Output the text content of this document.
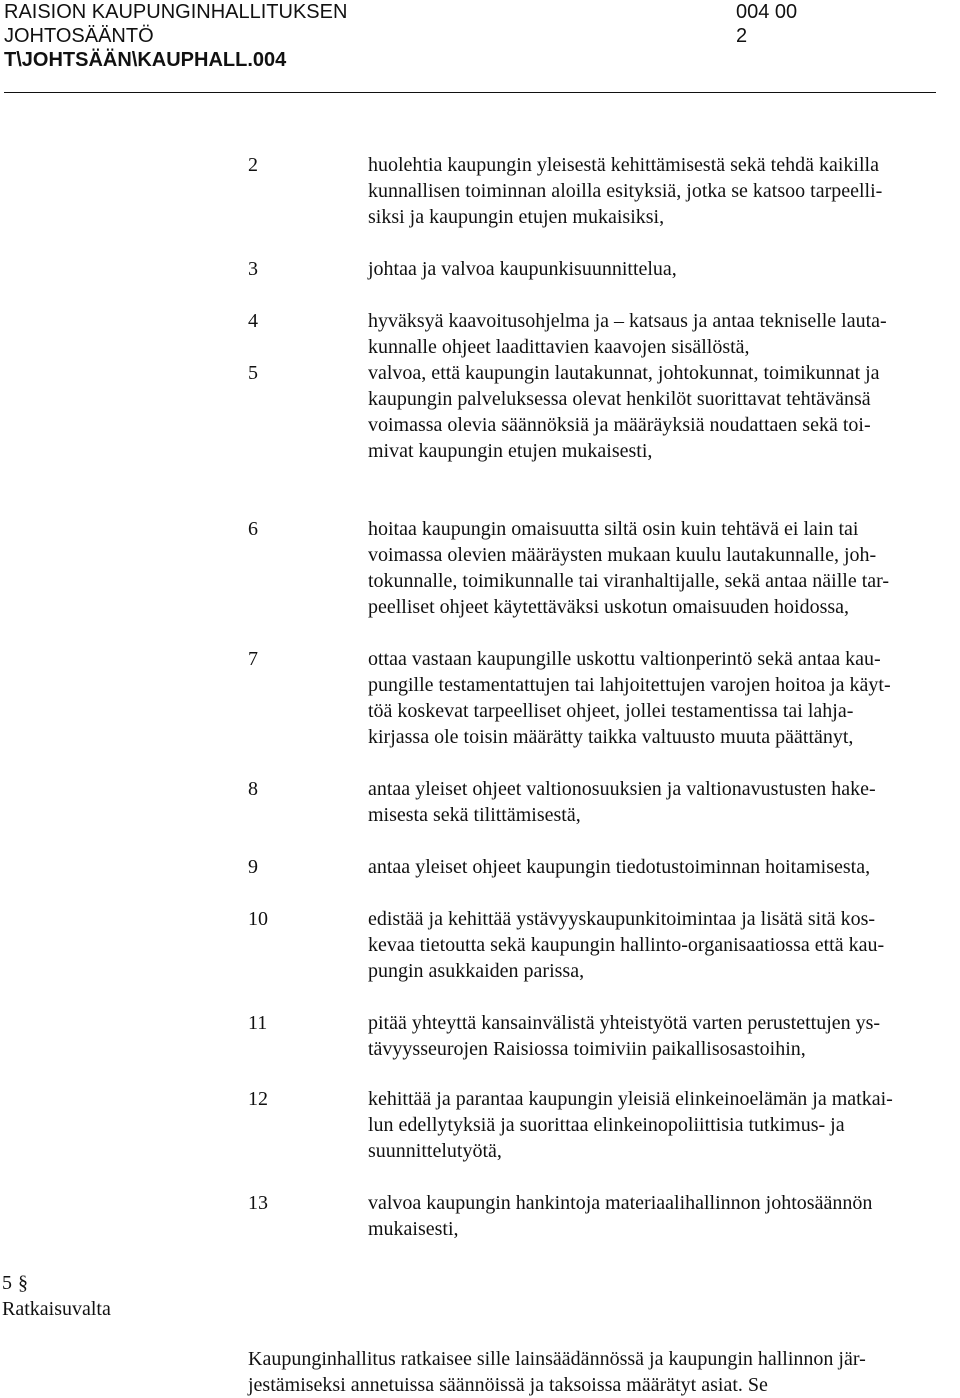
RAISION KAUPUNGINHALLITUKSEN	004 00
JOHTOSÄÄNTÖ	2
T\JOHTSÄÄN\KAUPHALL.004
2	huolehtia kaupungin yleisestä kehittämisestä sekä tehdä kaikilla
kunnallisen toiminnan aloilla esityksiä, jotka se katsoo tarpeelli-
siksi ja kaupungin etujen mukaisiksi,
3	johtaa ja valvoa kaupunkisuunnittelua,
4	hyväksyä kaavoitusohjelma ja – katsaus ja antaa tekniselle lauta-
kunnalle ohjeet laadittavien kaavojen sisällöstä,
5	valvoa, että kaupungin lautakunnat, johtokunnat, toimikunnat ja
kaupungin palveluksessa olevat henkilöt suorittavat tehtävänsä
voimassa olevia säännöksiä ja määräyksiä noudattaen sekä toi-
mivat kaupungin etujen mukaisesti,
6	hoitaa kaupungin omaisuutta siltä osin kuin tehtävä ei lain tai
voimassa olevien määräysten mukaan kuulu lautakunnalle, joh-
tokunnalle, toimikunnalle tai viranhaltijalle, sekä antaa näille tar-
peelliset ohjeet käytettäväksi uskotun omaisuuden hoidossa,
7	ottaa vastaan kaupungille uskottu valtionperintö sekä antaa kau-
pungille testamentattujen tai lahjoitettujen varojen hoitoa ja käyt-
töä koskevat tarpeelliset ohjeet, jollei testamentissa tai lahja-
kirjassa ole toisin määrätty taikka valtuusto muuta päättänyt,
8	antaa yleiset ohjeet valtionosuuksien ja valtionavustusten hake-
misesta sekä tilittämisestä,
9	antaa yleiset ohjeet kaupungin tiedotustoiminnan hoitamisesta,
10	edistää ja kehittää ystävyyskaupunkitoimintaa ja lisätä sitä kos-
kevaa tietoutta sekä kaupungin hallinto-organisaatiossa että kau-
pungin asukkaiden parissa,
11	pitää yhteyttä kansainvälistä yhteistyötä varten perustettujen ys-
tävyysseurojen Raisiossa toimiviin paikallisosastoihin,
12	kehittää ja parantaa kaupungin yleisiä elinkeinoelämän ja matkai-
lun edellytyksiä ja suorittaa elinkeinopoliittisia tutkimus- ja
suunnittelutyötä,
13	valvoa kaupungin hankintoja materiaalihallinnon johtosäännön
mukaisesti,
5 §
Ratkaisuvalta
Kaupunginhallitus ratkaisee sille lainsäädännössä ja kaupungin hallinnon jär-
jestämiseksi annetuissa säännöissä ja taksoissa määrätyt asiat. Se
